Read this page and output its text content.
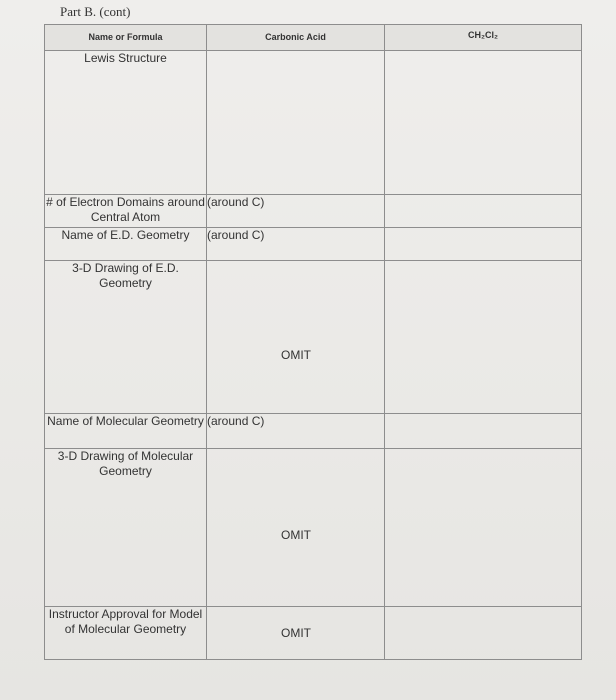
Part B. (cont)
Name or Formula	Carbonic Acid	CH₂Cl₂
Lewis Structure		
# of Electron Domains around Central Atom	(around C)	
Name of E.D. Geometry	(around C)	
3-D Drawing of E.D. Geometry	OMIT	

Name of Molecular Geometry	(around C)	
3-D Drawing of Molecular Geometry	OMIT	

Instructor Approval for Model of Molecular Geometry	OMIT	
